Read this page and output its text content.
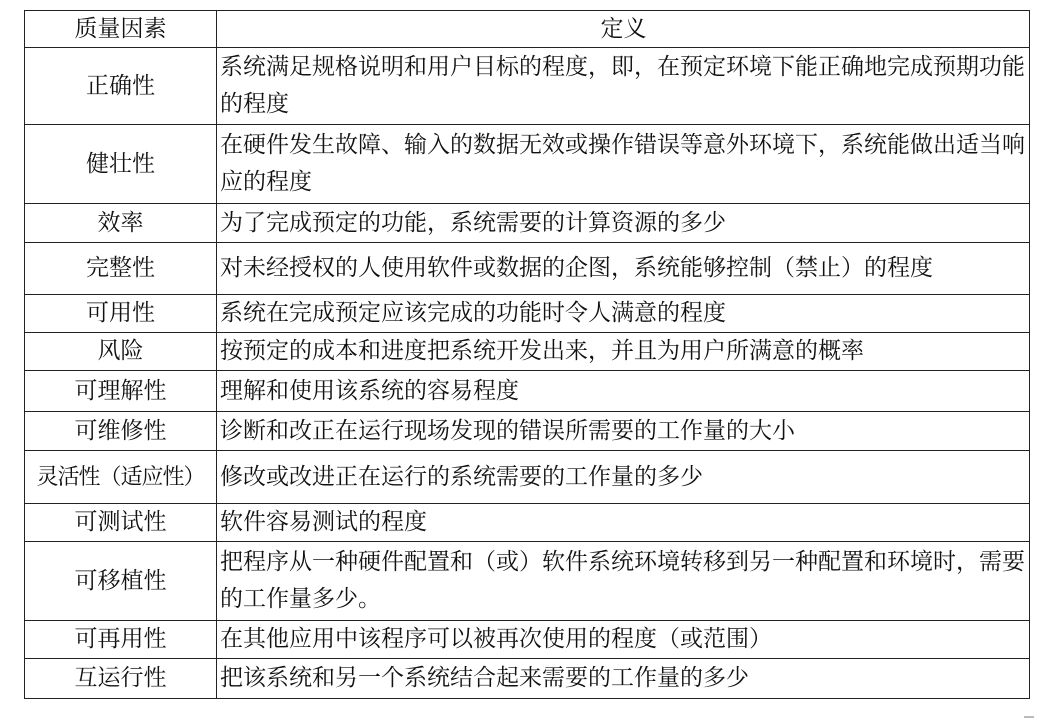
质量因素	定义
正确性	系统满足规格说明和用户目标的程度，即，在预定环境下能正确地完成预期功能的程度
健壮性	在硬件发生故障、输入的数据无效或操作错误等意外环境下，系统能做出适当响应的程度
效率	为了完成预定的功能，系统需要的计算资源的多少
完整性	对未经授权的人使用软件或数据的企图，系统能够控制（禁止）的程度
可用性	系统在完成预定应该完成的功能时令人满意的程度
风险	按预定的成本和进度把系统开发出来，并且为用户所满意的概率
可理解性	理解和使用该系统的容易程度
可维修性	诊断和改正在运行现场发现的错误所需要的工作量的大小
灵活性（适应性）	修改或改进正在运行的系统需要的工作量的多少
可测试性	软件容易测试的程度
可移植性	把程序从一种硬件配置和（或）软件系统环境转移到另一种配置和环境时，需要的工作量多少。
可再用性	在其他应用中该程序可以被再次使用的程度（或范围）
互运行性	把该系统和另一个系统结合起来需要的工作量的多少
